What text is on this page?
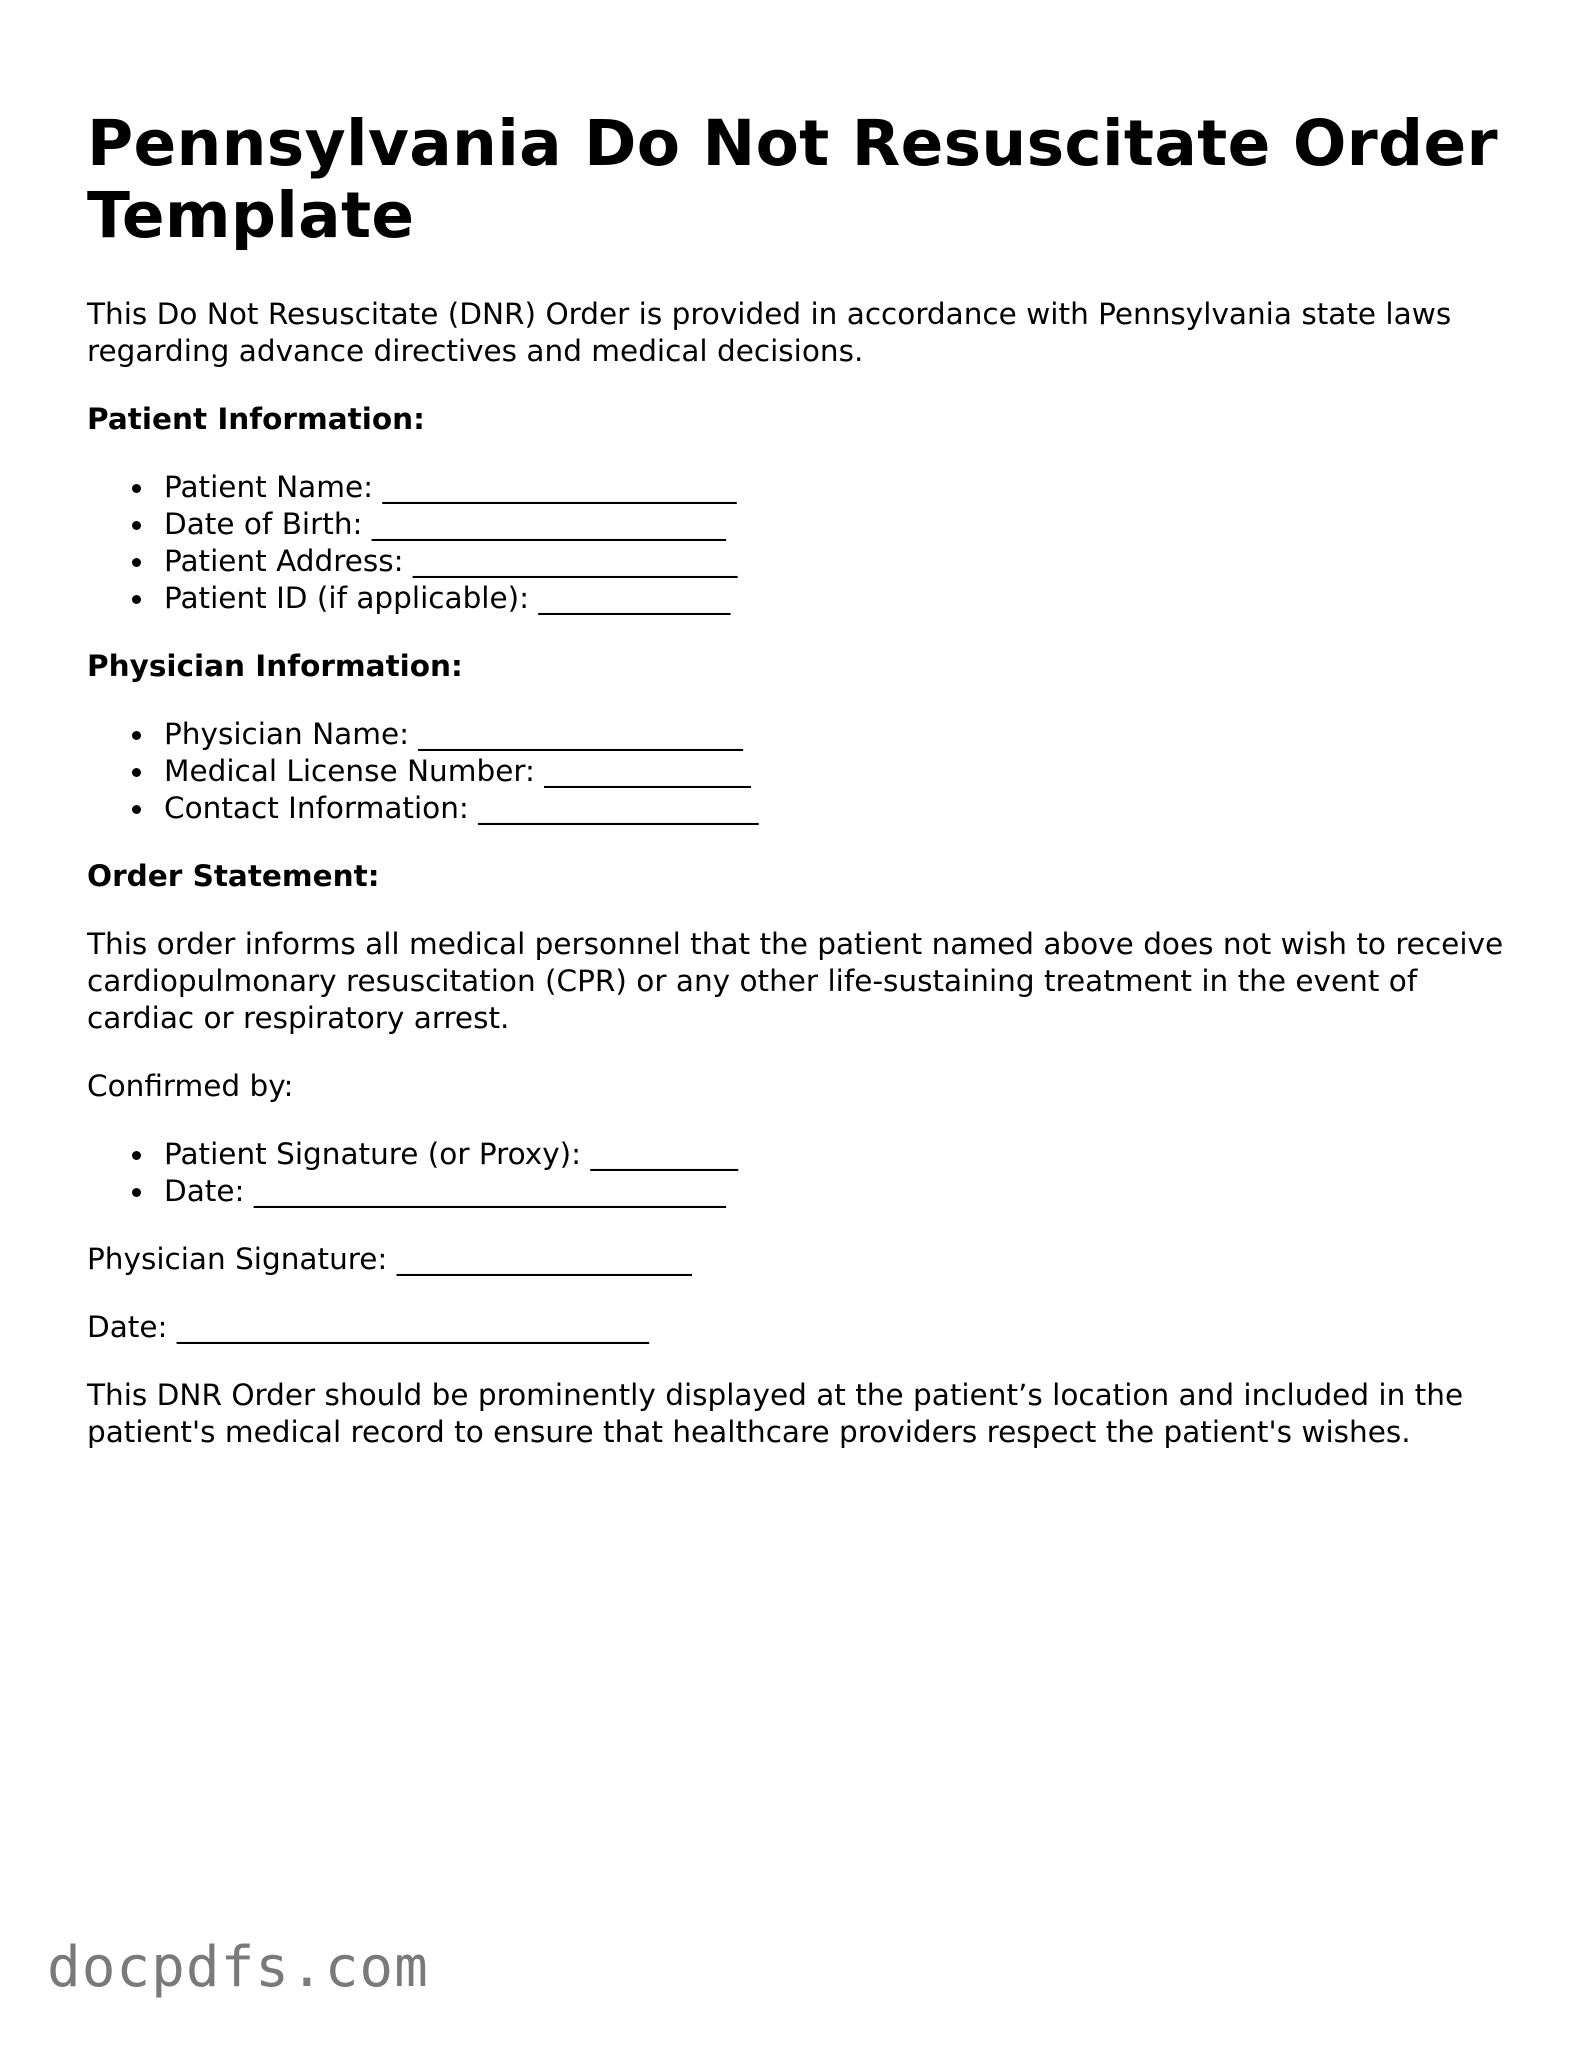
Pennsylvania Do Not Resuscitate Order Template

This Do Not Resuscitate (DNR) Order is provided in accordance with Pennsylvania state laws regarding advance directives and medical decisions.

Patient Information:
Patient Name: ________________________
Date of Birth: ________________________
Patient Address: ______________________
Patient ID (if applicable): _____________
Physician Information:
Physician Name: ______________________
Medical License Number: ______________
Contact Information: ___________________
Order Statement:

This order informs all medical personnel that the patient named above does not wish to receive cardiopulmonary resuscitation (CPR) or any other life-sustaining treatment in the event of cardiac or respiratory arrest.

Confirmed by:

Patient Signature (or Proxy): __________
Date: ________________________________

Physician Signature: ____________________

Date: ________________________________

This DNR Order should be prominently displayed at the patient’s location and included in the patient's medical record to ensure that healthcare providers respect the patient's wishes.

docpdfs.com
